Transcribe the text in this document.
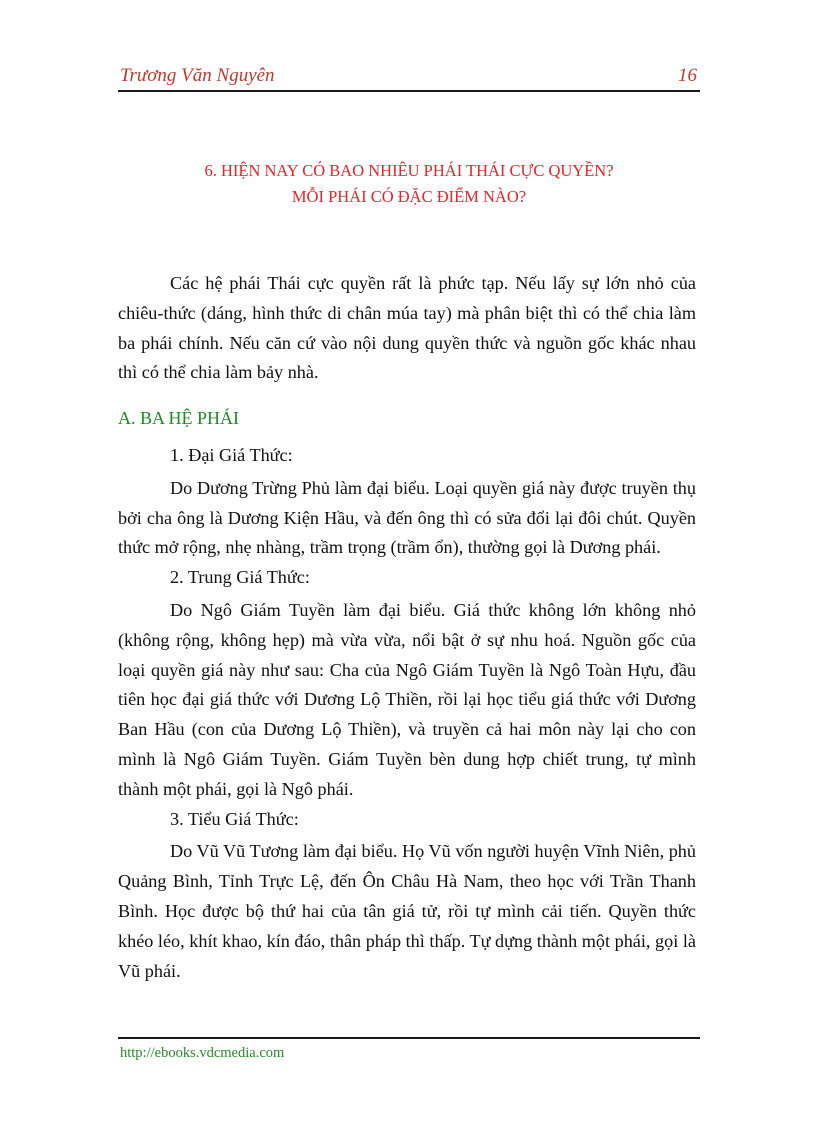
Trương Văn Nguyên	16
6. HIỆN NAY CÓ BAO NHIÊU PHÁI THÁI CỰC QUYỀN?
MỖI PHÁI CÓ ĐẶC ĐIỂM NÀO?

Các hệ phái Thái cực quyền rất là phức tạp. Nếu lấy sự lớn nhỏ của chiêu-thức (dáng, hình thức di chân múa tay) mà phân biệt thì có thể chia làm ba phái chính. Nếu căn cứ vào nội dung quyền thức và nguồn gốc khác nhau thì có thể chia làm bảy nhà.

A. BA HỆ PHÁI

1. Đại Giá Thức:

Do Dương Trừng Phủ làm đại biểu. Loại quyền giá này được truyền thụ bởi cha ông là Dương Kiện Hầu, và đến ông thì có sửa đổi lại đôi chút. Quyền thức mở rộng, nhẹ nhàng, trầm trọng (trầm ổn), thường gọi là Dương phái.

2. Trung Giá Thức:

Do Ngô Giám Tuyền làm đại biểu. Giá thức không lớn không nhỏ (không rộng, không hẹp) mà vừa vừa, nổi bật ở sự nhu hoá. Nguồn gốc của loại quyền giá này như sau: Cha của Ngô Giám Tuyền là Ngô Toàn Hựu, đầu tiên học đại giá thức với Dương Lộ Thiền, rồi lại học tiểu giá thức với Dương Ban Hầu (con của Dương Lộ Thiền), và truyền cả hai môn này lại cho con mình là Ngô Giám Tuyền. Giám Tuyền bèn dung hợp chiết trung, tự mình thành một phái, gọi là Ngô phái.

3. Tiểu Giá Thức:

Do Vũ Vũ Tương làm đại biểu. Họ Vũ vốn người huyện Vĩnh Niên, phủ Quảng Bình, Tỉnh Trực Lệ, đến Ôn Châu Hà Nam, theo học với Trần Thanh Bình. Học được bộ thứ hai của tân giá tử, rồi tự mình cải tiến. Quyền thức khéo léo, khít khao, kín đáo, thân pháp thì thấp. Tự dựng thành một phái, gọi là Vũ phái.

http://ebooks.vdcmedia.com
